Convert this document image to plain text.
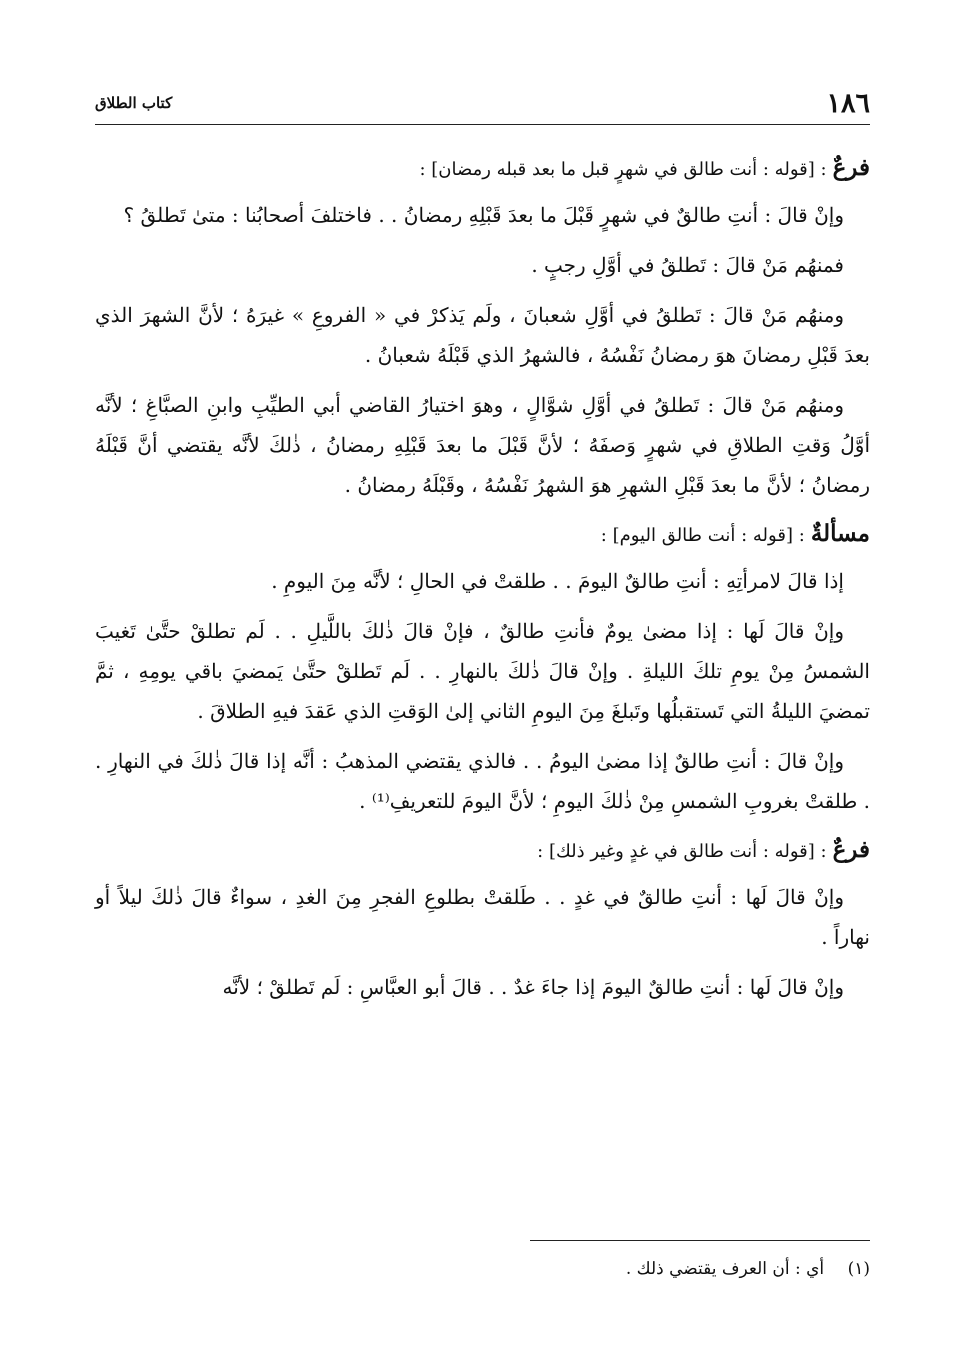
١٨٦
كتاب الطلاق
فرعٌ : [قوله : أنت طالق في شهرٍ قبل ما بعد قبله رمضان] :

وإنْ قالَ : أنتِ طالقٌ في شهرٍ قَبْلَ ما بعدَ قَبْلِهِ رمضانُ . . فاختلفَ أصحابُنا : متىٰ تَطلقُ ؟

فمنهُم مَنْ قالَ : تَطلقُ في أوَّلِ رجبٍ .

ومنهُم مَنْ قالَ : تَطلقُ في أوَّلِ شعبانَ ، ولَم يَذكرْ في « الفروعِ » غيرَهُ ؛ لأنَّ الشهرَ الذي بعدَ قَبْلِ رمضانَ هوَ رمضانُ نَفْسُهُ ، فالشهرُ الذي قَبْلَهُ شعبانُ .

ومنهُم مَنْ قالَ : تَطلقُ في أوَّلِ شوَّالٍ ، وهوَ اختيارُ القاضي أبي الطيِّبِ وابنِ الصبَّاغِ ؛ لأنَّه أوَّلُ وَقتِ الطلاقِ في شهرٍ وَصفَهُ ؛ لأنَّ قَبْلَ ما بعدَ قَبْلِهِ رمضانُ ، ذٰلكَ لأنَّه يقتضي أنَّ قَبْلَهُ رمضانُ ؛ لأنَّ ما بعدَ قَبْلِ الشهرِ هوَ الشهرُ نَفْسُهُ ، وقَبْلَهُ رمضانُ .

مسألةٌ : [قوله : أنت طالق اليوم] :

إذا قالَ لامرأتِهِ : أنتِ طالقٌ اليومَ . . طلقتْ في الحالِ ؛ لأنَّه مِنَ اليومِ .

وإنْ قالَ لَها : إذا مضىٰ يومٌ فأنتِ طالقٌ ، فإنْ قالَ ذٰلكَ باللَّيلِ . . لَم تطلقْ حتَّىٰ تَغيبَ الشمسُ مِنْ يومِ تلكَ الليلةِ . وإنْ قالَ ذٰلكَ بالنهارِ . . لَم تَطلقْ حتَّىٰ يَمضيَ باقي يومِهِ ، ثمَّ تمضيَ الليلةُ التي تَستقبلُها وتَبلغَ مِنَ اليومِ الثاني إلىٰ الوَقتِ الذي عَقدَ فيهِ الطلاقَ .

وإنْ قالَ : أنتِ طالقٌ إذا مضىٰ اليومُ . . فالذي يقتضي المذهبُ : أنَّه إذا قالَ ذٰلكَ في النهارِ . . طلقتْ بغروبِ الشمسِ مِنْ ذٰلكَ اليومِ ؛ لأنَّ اليومَ للتعريفِ⁽¹⁾ .

فرعٌ : [قوله : أنت طالق في غدٍ وغير ذلك] :

وإنْ قالَ لَها : أنتِ طالقٌ في غدٍ . . طَلقتْ بطلوعِ الفجرِ مِنَ الغدِ ، سواءٌ قالَ ذٰلكَ ليلاً أو نهاراً .

وإنْ قالَ لَها : أنتِ طالقٌ اليومَ إذا جاءَ غدٌ . . قالَ أبو العبَّاسِ : لَم تَطلقْ ؛ لأنَّه

(١) أي : أن العرف يقتضي ذلك .
